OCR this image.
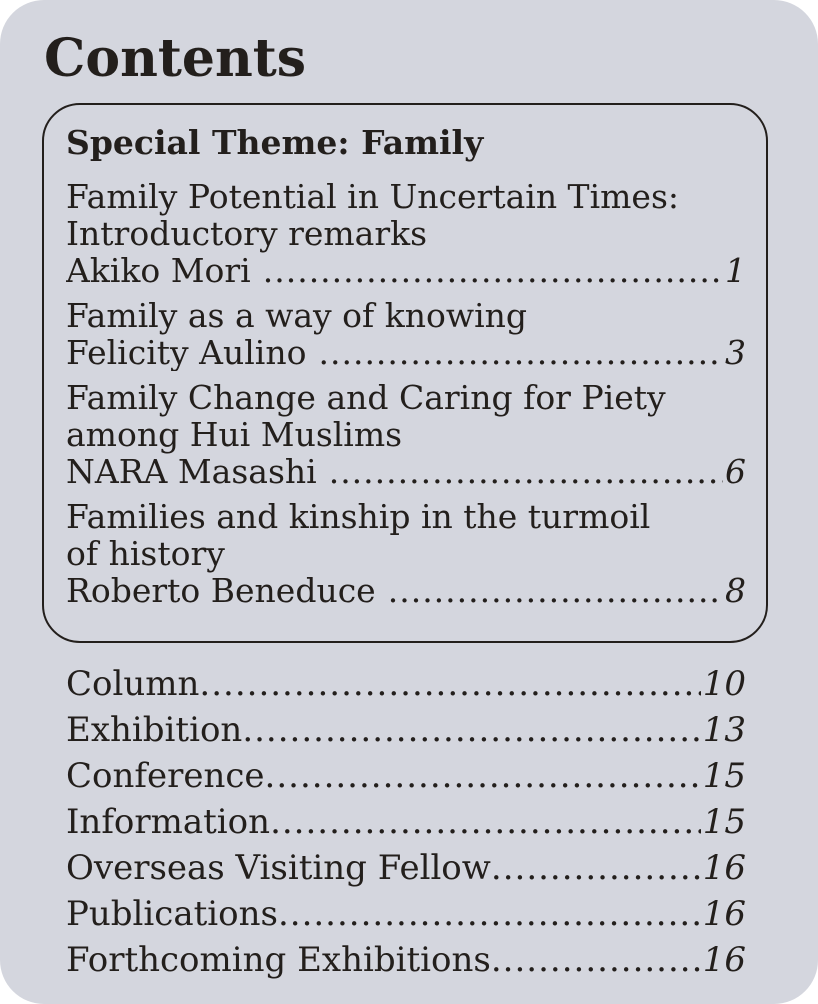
Contents
Special Theme: Family
Family Potential in Uncertain Times:
Introductory remarks
Akiko Mori .....	1
Family as a way of knowing
Felicity Aulino .....	3
Family Change and Caring for Piety
among Hui Muslims
NARA Masashi .....	6
Families and kinship in the turmoil
of history
Roberto Beneduce .....	8
Column .....	10
Exhibition .....	13
Conference .....	15
Information .....	15
Overseas Visiting Fellow .....	16
Publications .....	16
Forthcoming Exhibitions .....	16
